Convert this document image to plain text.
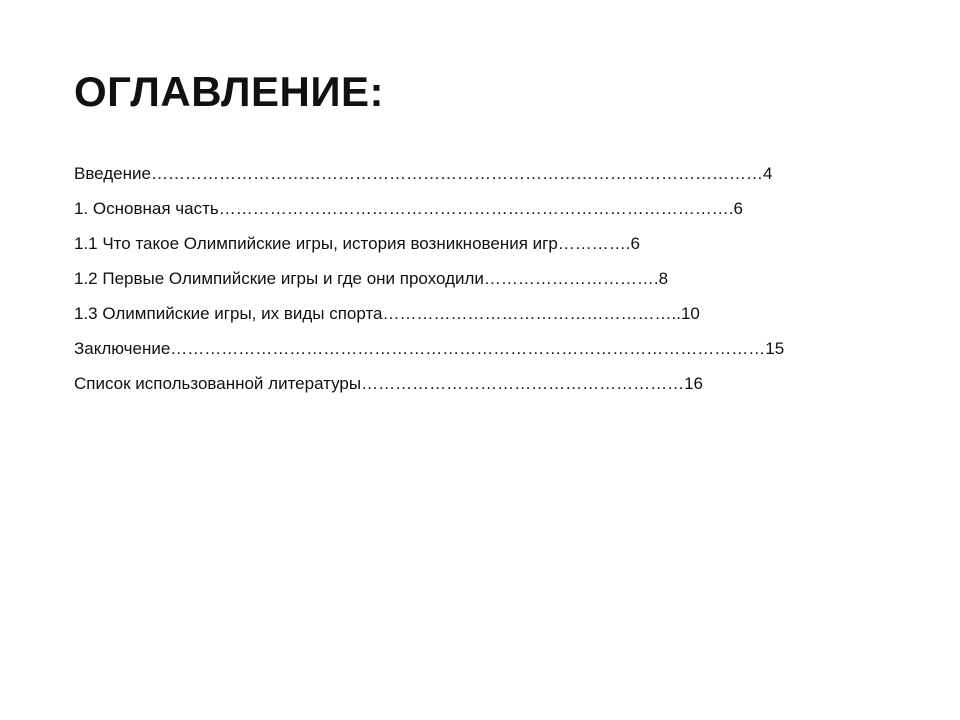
ОГЛАВЛЕНИЕ:
Введение………………………………………………………………………………………………4
1. Основная часть……………………………………………………………………………….6
1.1 Что такое Олимпийские игры, история возникновения игр………….6
1.2 Первые Олимпийские игры и где они проходили………………………….8
1.3 Олимпийские игры, их виды спорта……………………………………………..10
Заключение……………………………………………………………………………………………15
Список использованной литературы…………………………………………………16
